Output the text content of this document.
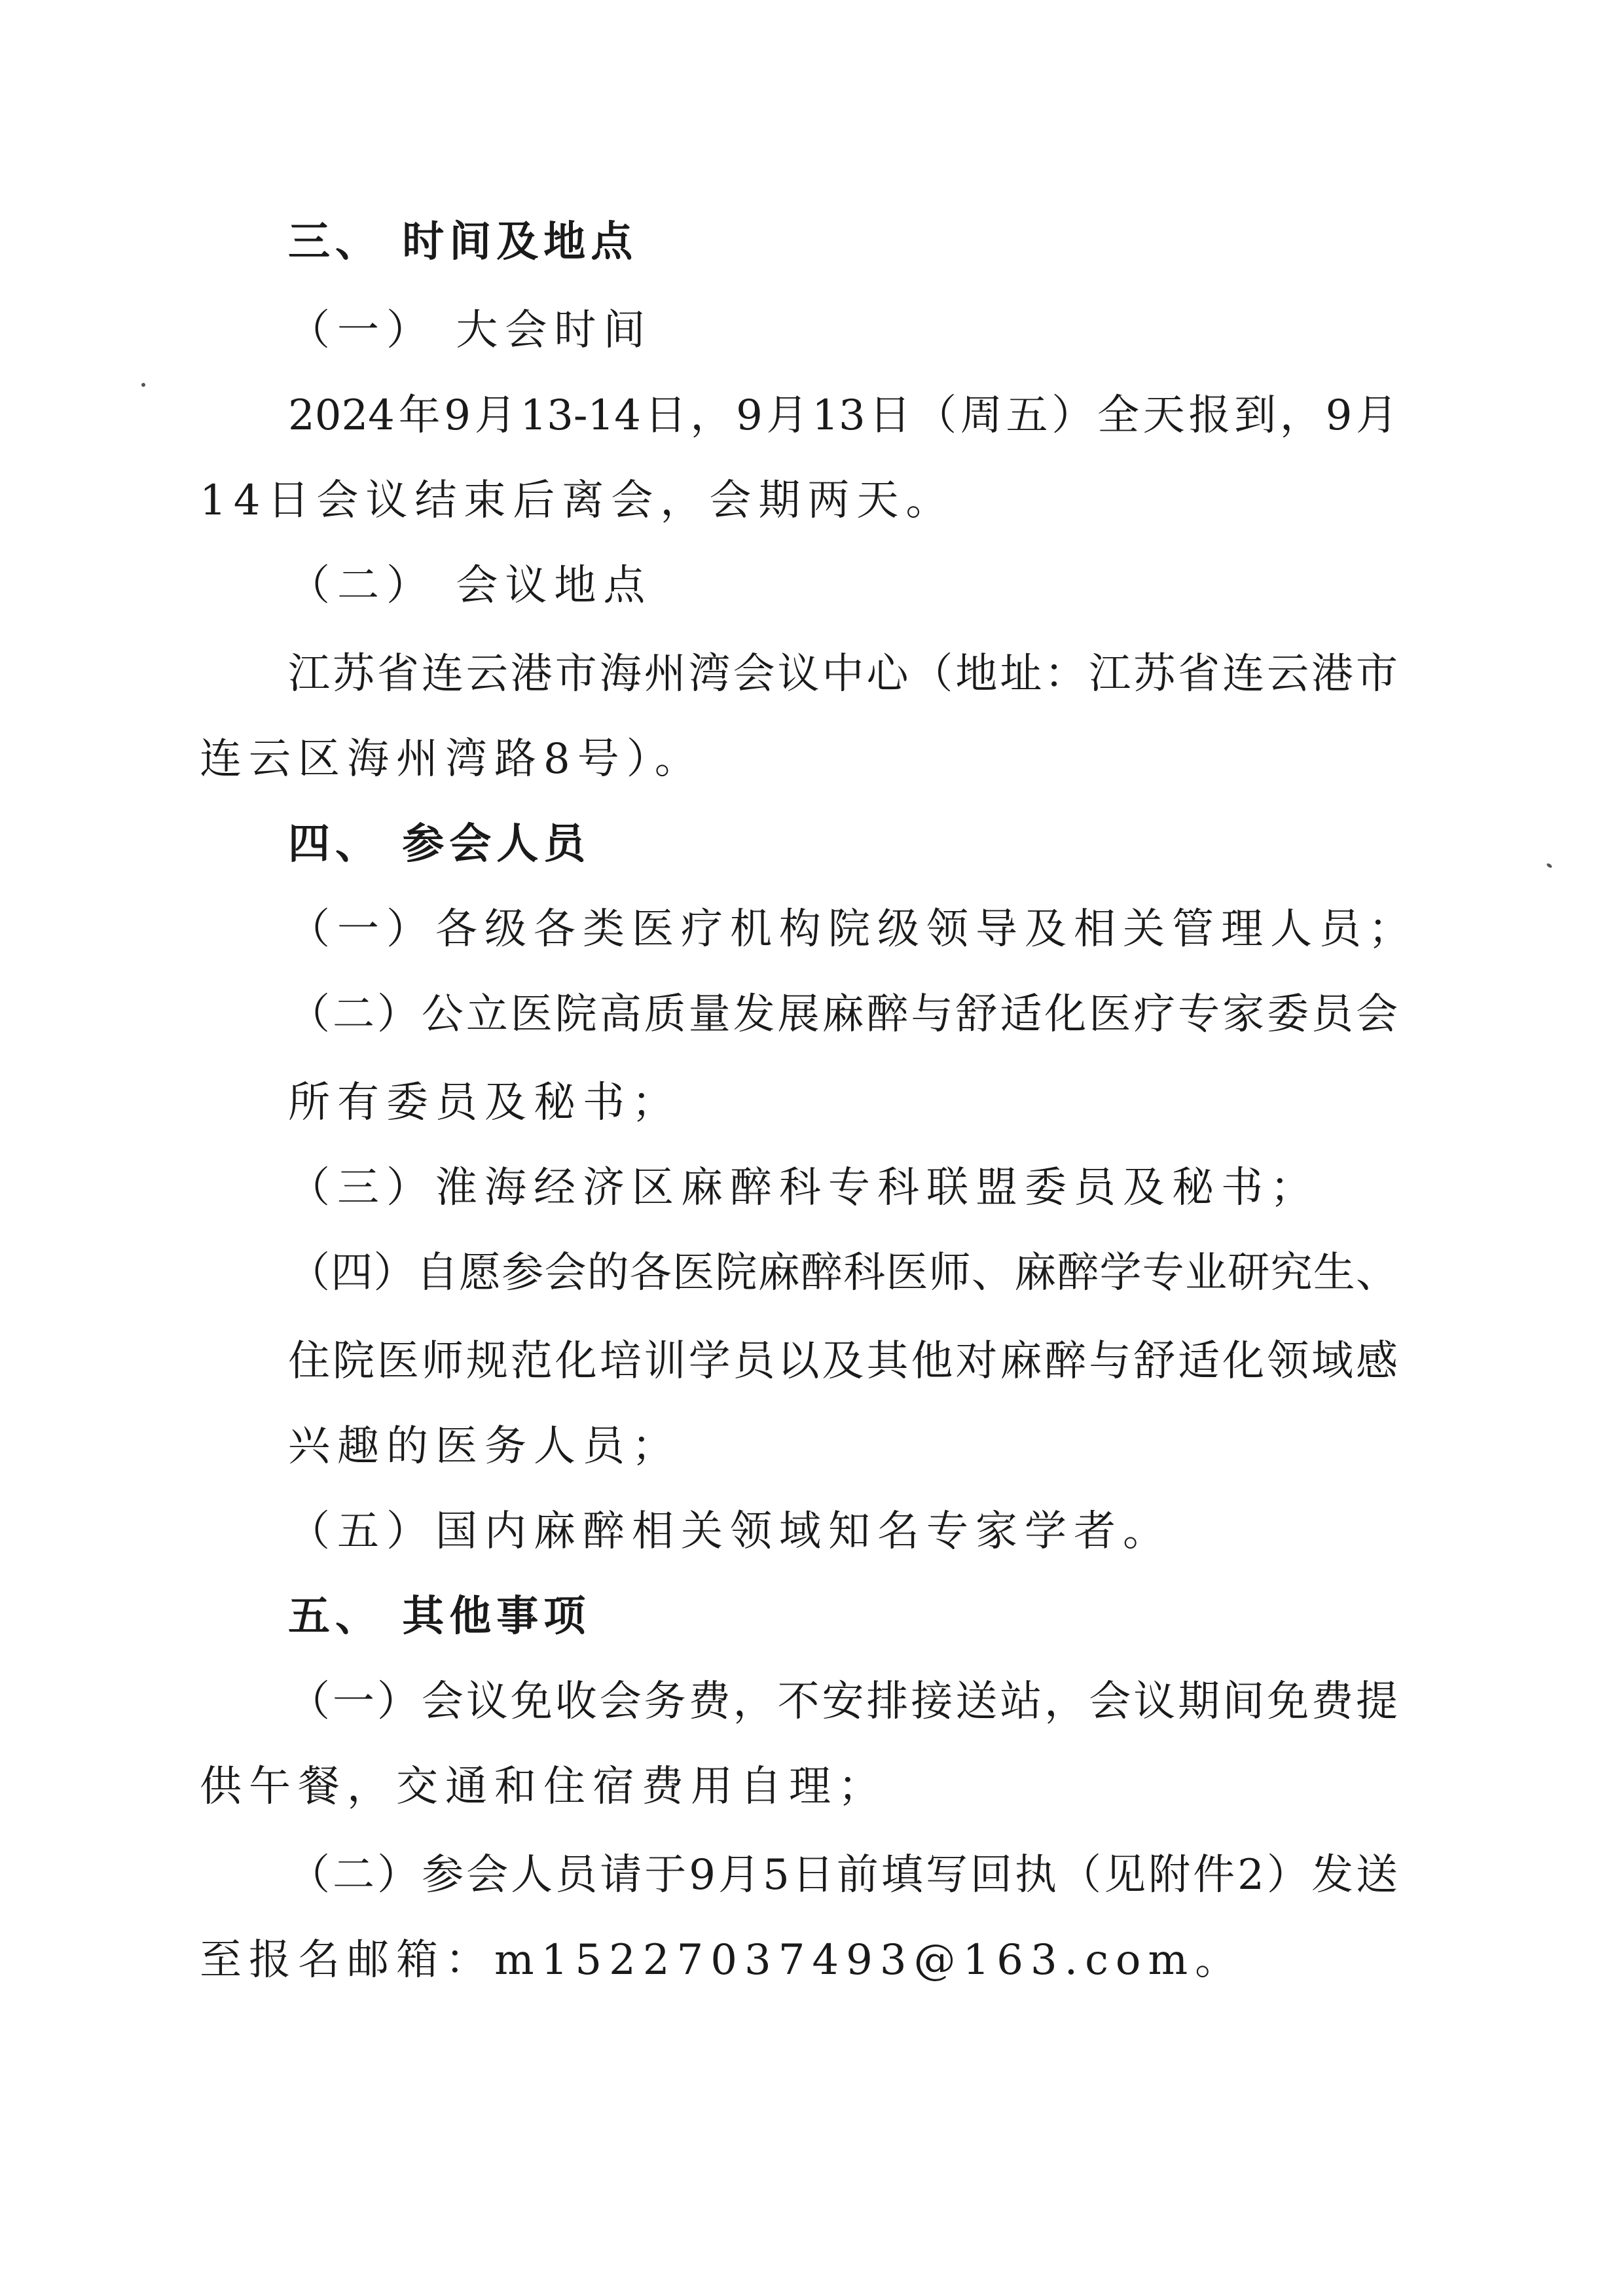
三、 时间及地点
（一） 大会时间
2024年9月13-14日，9月13日（周五）全天报到，9月
14日会议结束后离会，会期两天。
（二） 会议地点
江苏省连云港市海州湾会议中心（地址：江苏省连云港市
连云区海州湾路8号）。
四、 参会人员
（一）各级各类医疗机构院级领导及相关管理人员；
（二）公立医院高质量发展麻醉与舒适化医疗专家委员会
所有委员及秘书；
（三）淮海经济区麻醉科专科联盟委员及秘书；
（四）自愿参会的各医院麻醉科医师、麻醉学专业研究生、
住院医师规范化培训学员以及其他对麻醉与舒适化领域感
兴趣的医务人员；
（五）国内麻醉相关领域知名专家学者。
五、 其他事项
（一）会议免收会务费，不安排接送站，会议期间免费提
供午餐，交通和住宿费用自理；
（二）参会人员请于9月5日前填写回执（见附件2）发送
至报名邮箱：m15227037493@163.com。
